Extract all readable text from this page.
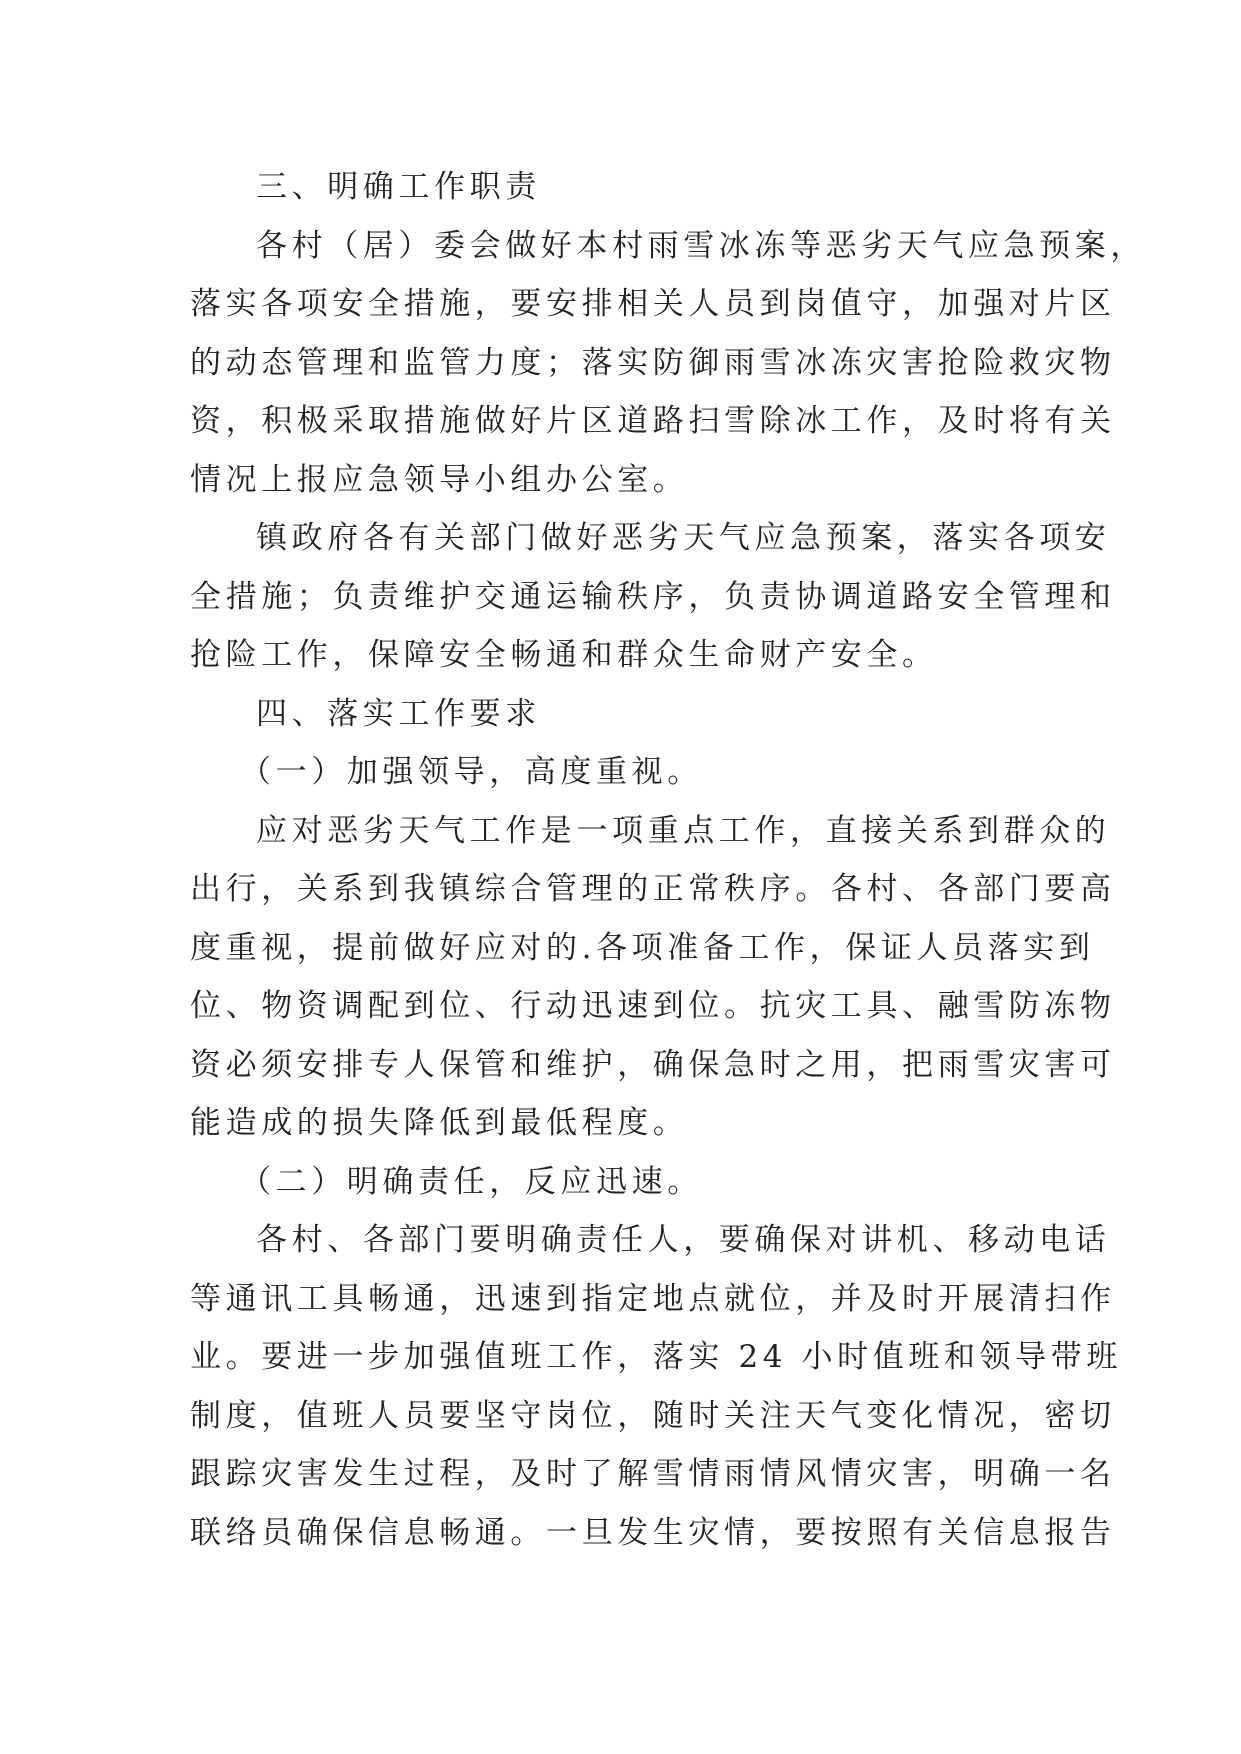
三、明确工作职责
各村（居）委会做好本村雨雪冰冻等恶劣天气应急预案，
落实各项安全措施，要安排相关人员到岗值守，加强对片区
的动态管理和监管力度；落实防御雨雪冰冻灾害抢险救灾物
资，积极采取措施做好片区道路扫雪除冰工作，及时将有关
情况上报应急领导小组办公室。
镇政府各有关部门做好恶劣天气应急预案，落实各项安
全措施；负责维护交通运输秩序，负责协调道路安全管理和
抢险工作，保障安全畅通和群众生命财产安全。
四、落实工作要求
（一）加强领导，高度重视。
应对恶劣天气工作是一项重点工作，直接关系到群众的
出行，关系到我镇综合管理的正常秩序。各村、各部门要高
度重视，提前做好应对的.各项准备工作，保证人员落实到
位、物资调配到位、行动迅速到位。抗灾工具、融雪防冻物
资必须安排专人保管和维护，确保急时之用，把雨雪灾害可
能造成的损失降低到最低程度。
（二）明确责任，反应迅速。
各村、各部门要明确责任人，要确保对讲机、移动电话
等通讯工具畅通，迅速到指定地点就位，并及时开展清扫作
业。要进一步加强值班工作，落实 24 小时值班和领导带班
制度，值班人员要坚守岗位，随时关注天气变化情况，密切
跟踪灾害发生过程，及时了解雪情雨情风情灾害，明确一名
联络员确保信息畅通。一旦发生灾情，要按照有关信息报告
